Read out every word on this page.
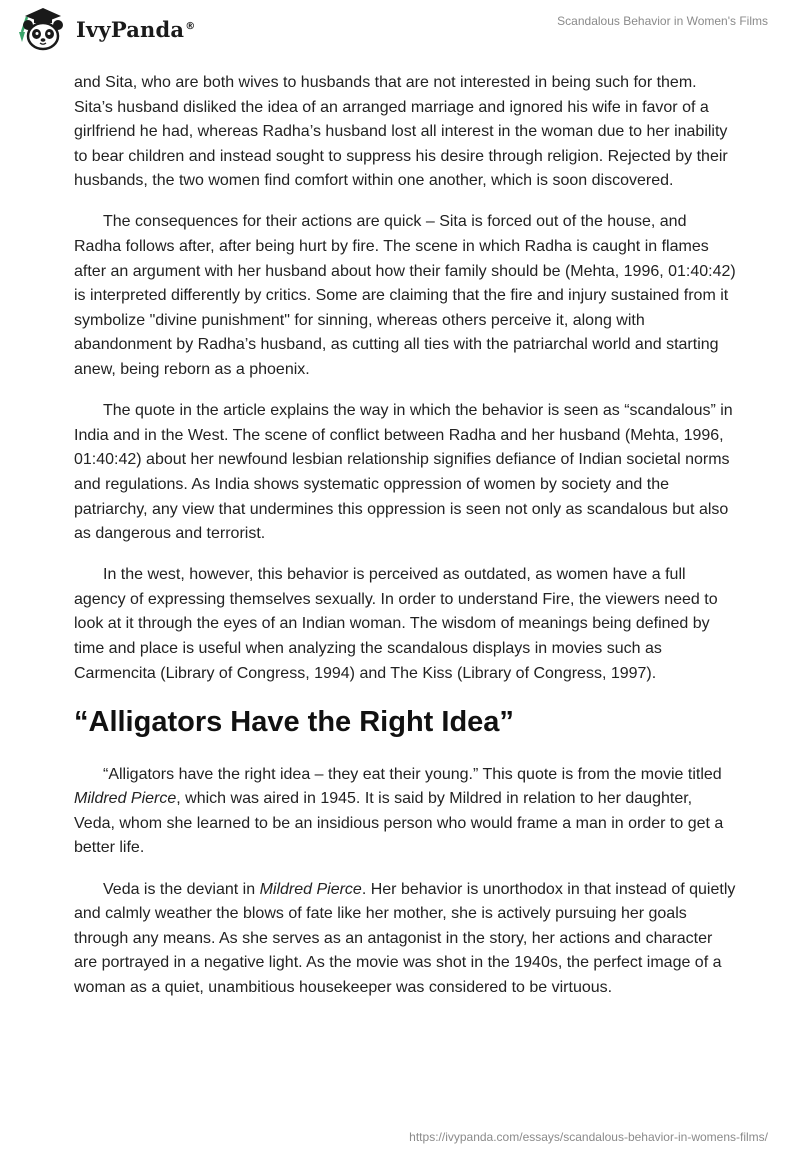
IvyPanda®	Scandalous Behavior in Women's Films

and Sita, who are both wives to husbands that are not interested in being such for them. Sita’s husband disliked the idea of an arranged marriage and ignored his wife in favor of a girlfriend he had, whereas Radha’s husband lost all interest in the woman due to her inability to bear children and instead sought to suppress his desire through religion. Rejected by their husbands, the two women find comfort within one another, which is soon discovered.

The consequences for their actions are quick – Sita is forced out of the house, and Radha follows after, after being hurt by fire. The scene in which Radha is caught in flames after an argument with her husband about how their family should be (Mehta, 1996, 01:40:42) is interpreted differently by critics. Some are claiming that the fire and injury sustained from it symbolize "divine punishment" for sinning, whereas others perceive it, along with abandonment by Radha’s husband, as cutting all ties with the patriarchal world and starting anew, being reborn as a phoenix.

The quote in the article explains the way in which the behavior is seen as “scandalous” in India and in the West. The scene of conflict between Radha and her husband (Mehta, 1996, 01:40:42) about her newfound lesbian relationship signifies defiance of Indian societal norms and regulations. As India shows systematic oppression of women by society and the patriarchy, any view that undermines this oppression is seen not only as scandalous but also as dangerous and terrorist.

In the west, however, this behavior is perceived as outdated, as women have a full agency of expressing themselves sexually. In order to understand Fire, the viewers need to look at it through the eyes of an Indian woman. The wisdom of meanings being defined by time and place is useful when analyzing the scandalous displays in movies such as Carmencita (Library of Congress, 1994) and The Kiss (Library of Congress, 1997).

“Alligators Have the Right Idea”

“Alligators have the right idea – they eat their young.” This quote is from the movie titled Mildred Pierce, which was aired in 1945. It is said by Mildred in relation to her daughter, Veda, whom she learned to be an insidious person who would frame a man in order to get a better life.

Veda is the deviant in Mildred Pierce. Her behavior is unorthodox in that instead of quietly and calmly weather the blows of fate like her mother, she is actively pursuing her goals through any means. As she serves as an antagonist in the story, her actions and character are portrayed in a negative light. As the movie was shot in the 1940s, the perfect image of a woman as a quiet, unambitious housekeeper was considered to be virtuous.

https://ivypanda.com/essays/scandalous-behavior-in-womens-films/
